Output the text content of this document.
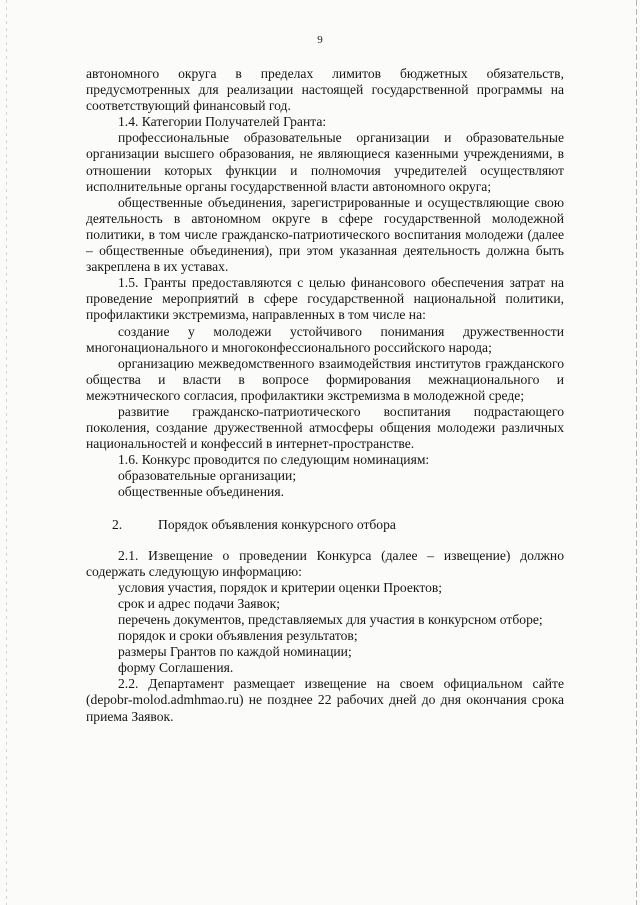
9

автономного округа в пределах лимитов бюджетных обязательств, предусмотренных для реализации настоящей государственной программы на соответствующий финансовый год.

1.4. Категории Получателей Гранта:

профессиональные образовательные организации и образовательные организации высшего образования, не являющиеся казенными учреждениями, в отношении которых функции и полномочия учредителей осуществляют исполнительные органы государственной власти автономного округа;

общественные объединения, зарегистрированные и осуществляющие свою деятельность в автономном округе в сфере государственной молодежной политики, в том числе гражданско-патриотического воспитания молодежи (далее – общественные объединения), при этом указанная деятельность должна быть закреплена в их уставах.

1.5. Гранты предоставляются с целью финансового обеспечения затрат на проведение мероприятий в сфере государственной национальной политики, профилактики экстремизма, направленных в том числе на:

создание у молодежи устойчивого понимания дружественности многонационального и многоконфессионального российского народа;

организацию межведомственного взаимодействия институтов гражданского общества и власти в вопросе формирования межнационального и межэтнического согласия, профилактики экстремизма в молодежной среде;

развитие гражданско-патриотического воспитания подрастающего поколения, создание дружественной атмосферы общения молодежи различных национальностей и конфессий в интернет-пространстве.

1.6. Конкурс проводится по следующим номинациям:

образовательные организации;

общественные объединения.

2.	Порядок объявления конкурсного отбора

2.1. Извещение о проведении Конкурса (далее – извещение) должно содержать следующую информацию:

условия участия, порядок и критерии оценки Проектов;

срок и адрес подачи Заявок;

перечень документов, представляемых для участия в конкурсном отборе;

порядок и сроки объявления результатов;

размеры Грантов по каждой номинации;

форму Соглашения.

2.2. Департамент размещает извещение на своем официальном сайте (depobr-molod.admhmao.ru) не позднее 22 рабочих дней до дня окончания срока приема Заявок.
